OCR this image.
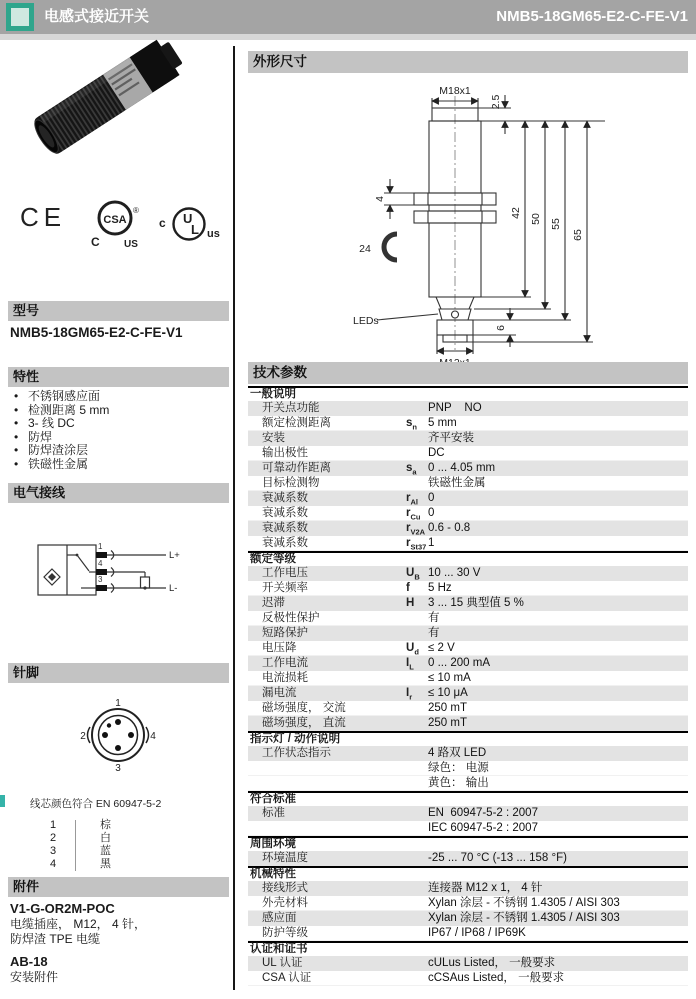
电感式接近开关	NMB5-18GM65-E2-C-FE-V1
CE	CSA
®
C US
c U
L us
型号
NMB5-18GM65-E2-C-FE-V1
特性
• 不锈钢感应面
• 检测距离 5 mm
• 3- 线 DC
• 防焊
• 防焊渣涂层
• 铁磁性金属
电气接线
1
4
3
L+
L-
针脚
1
2	4
3
线芯颜色符合 EN 60947-5-2
1	棕
2	白
3	蓝
4	黑
附件
V1-G-OR2M-POC
电缆插座， M12， 4 针，
防焊渣 TPE 电缆
AB-18
安装附件
外形尺寸
M18x1
2.5
4
24
42
50 55
65
6
LEDs
技术参数
一般说明
开关点功能	PNP    NO
额定检测距离	$s_n$ 5 mm
安装	齐平安装
输出极性	DC
可靠动作距离	$s_a$ 0 ... 4.05 mm
目标检测物	铁磁性金属
衰减系数	$r_{Al}$ 0
衰减系数	$r_{Cu}$ 0
衰减系数	$r_{V2A}$ 0.6 - 0.8
衰减系数	$r_{St37}$ 1
额定等级
工作电压	$U_B$ 10 ... 30 V
开关频率	f 5 Hz
迟滞	H 3 ... 15 典型值 5 %
反极性保护	有
短路保护	有
电压降	$U_d \le 2$ V
工作电流	$I_L$ 0 ... 200 mA
电流损耗	≤ 10 mA
漏电流	$I_r \le 10$ μA
磁场强度， 交流	250 mT
磁场强度， 直流	250 mT
指示灯 / 动作说明
工作状态指示	4 路双 LED
绿色： 电源
黄色： 输出
符合标准
标准	EN  60947-5-2 : 2007
IEC 60947-5-2 : 2007
周围环境
环境温度	-25 ... 70 °C (-13 ... 158 °F)
机械特性
接线形式	连接器 M12 x 1， 4 针
外壳材料	Xylan 涂层 - 不锈钢 1.4305 / AISI 303
感应面	Xylan 涂层 - 不锈钢 1.4305 / AISI 303
防护等级	IP67 / IP68 / IP69K
认证和证书
UL 认证	cULus Listed， 一般要求
CSA 认证	cCSAus Listed， 一般要求
